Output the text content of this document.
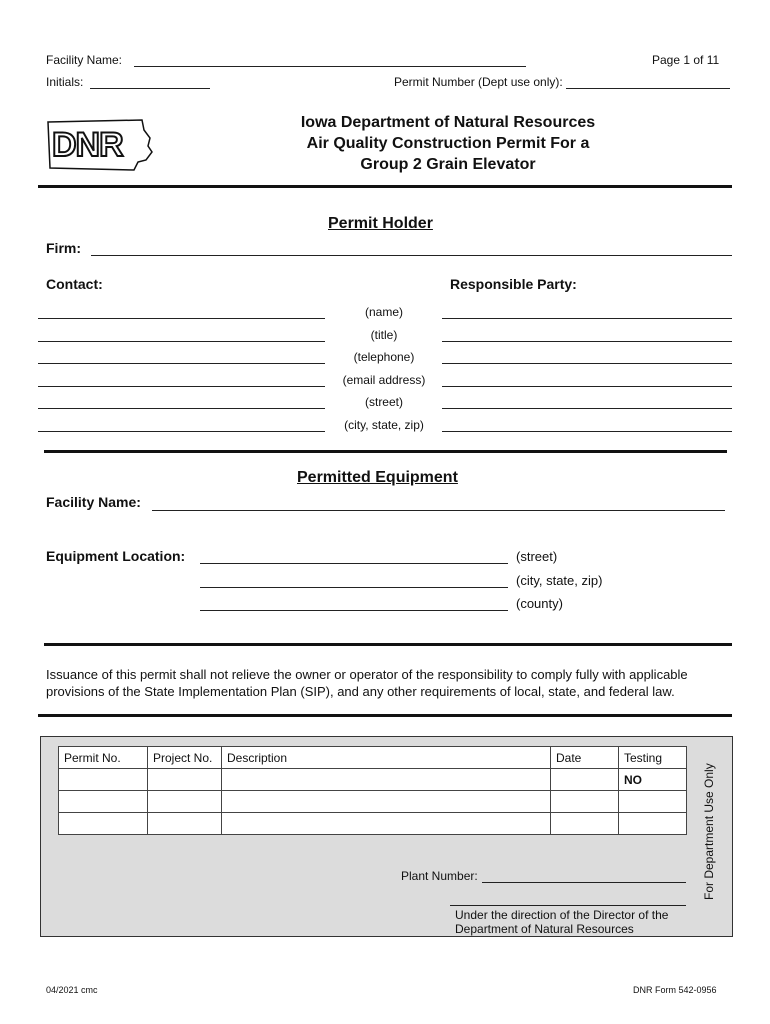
Facility Name:	Page 1 of 11
Initials:	Permit Number (Dept use only):
DNR
Iowa Department of Natural Resources
Air Quality Construction Permit For a
Group 2 Grain Elevator
Permit Holder
Firm:
Contact:	Responsible Party:
(name)
(title)
(telephone)
(email address)
(street)
(city, state, zip)
Permitted Equipment
Facility Name:
Equipment Location:	(street)
(city, state, zip)
(county)
Issuance of this permit shall not relieve the owner or operator of the responsibility to comply fully with applicable
provisions of the State Implementation Plan (SIP), and any other requirements of local, state, and federal law.
Permit No.	Project No.	Description	Date	Testing
				NO

Plant Number:
Under the direction of the Director of the
Department of Natural Resources
For Department Use Only
04/2021 cmc	DNR Form 542-0956
